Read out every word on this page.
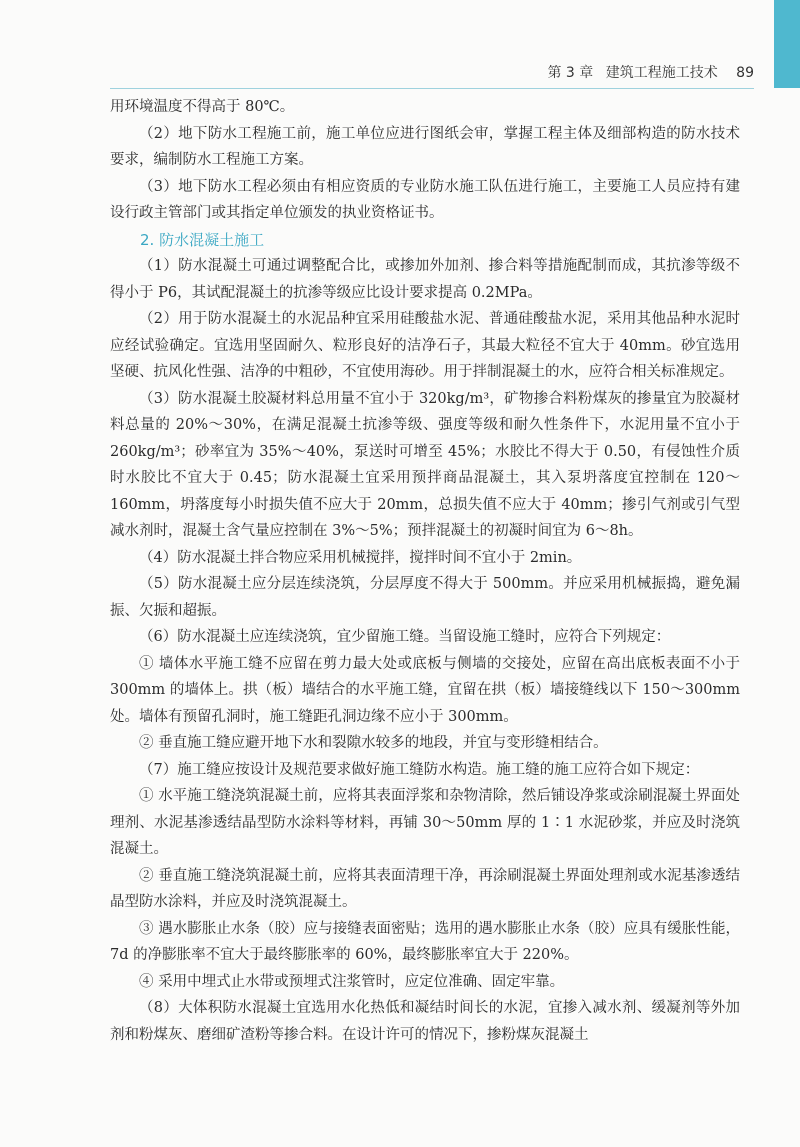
第 3 章 建筑工程施工技术 89

用环境温度不得高于 80℃。

（2）地下防水工程施工前，施工单位应进行图纸会审，掌握工程主体及细部构造的防水技术要求，编制防水工程施工方案。

（3）地下防水工程必须由有相应资质的专业防水施工队伍进行施工，主要施工人员应持有建设行政主管部门或其指定单位颁发的执业资格证书。

2. 防水混凝土施工

（1）防水混凝土可通过调整配合比，或掺加外加剂、掺合料等措施配制而成，其抗渗等级不得小于 P6，其试配混凝土的抗渗等级应比设计要求提高 0.2MPa。

（2）用于防水混凝土的水泥品种宜采用硅酸盐水泥、普通硅酸盐水泥，采用其他品种水泥时应经试验确定。宜选用坚固耐久、粒形良好的洁净石子，其最大粒径不宜大于 40mm。砂宜选用坚硬、抗风化性强、洁净的中粗砂，不宜使用海砂。用于拌制混凝土的水，应符合相关标准规定。

（3）防水混凝土胶凝材料总用量不宜小于 320kg/m³，矿物掺合料粉煤灰的掺量宜为胶凝材料总量的 20%～30%，在满足混凝土抗渗等级、强度等级和耐久性条件下，水泥用量不宜小于 260kg/m³；砂率宜为 35%～40%，泵送时可增至 45%；水胶比不得大于 0.50，有侵蚀性介质时水胶比不宜大于 0.45；防水混凝土宜采用预拌商品混凝土，其入泵坍落度宜控制在 120～160mm，坍落度每小时损失值不应大于 20mm，总损失值不应大于 40mm；掺引气剂或引气型减水剂时，混凝土含气量应控制在 3%～5%；预拌混凝土的初凝时间宜为 6～8h。

（4）防水混凝土拌合物应采用机械搅拌，搅拌时间不宜小于 2min。

（5）防水混凝土应分层连续浇筑，分层厚度不得大于 500mm。并应采用机械振捣，避免漏振、欠振和超振。

（6）防水混凝土应连续浇筑，宜少留施工缝。当留设施工缝时，应符合下列规定：

① 墙体水平施工缝不应留在剪力最大处或底板与侧墙的交接处，应留在高出底板表面不小于 300mm 的墙体上。拱（板）墙结合的水平施工缝，宜留在拱（板）墙接缝线以下 150～300mm 处。墙体有预留孔洞时，施工缝距孔洞边缘不应小于 300mm。

② 垂直施工缝应避开地下水和裂隙水较多的地段，并宜与变形缝相结合。

（7）施工缝应按设计及规范要求做好施工缝防水构造。施工缝的施工应符合如下规定：

① 水平施工缝浇筑混凝土前，应将其表面浮浆和杂物清除，然后铺设净浆或涂刷混凝土界面处理剂、水泥基渗透结晶型防水涂料等材料，再铺 30～50mm 厚的 1∶1 水泥砂浆，并应及时浇筑混凝土。

② 垂直施工缝浇筑混凝土前，应将其表面清理干净，再涂刷混凝土界面处理剂或水泥基渗透结晶型防水涂料，并应及时浇筑混凝土。

③ 遇水膨胀止水条（胶）应与接缝表面密贴；选用的遇水膨胀止水条（胶）应具有缓胀性能，7d 的净膨胀率不宜大于最终膨胀率的 60%，最终膨胀率宜大于 220%。

④ 采用中埋式止水带或预埋式注浆管时，应定位准确、固定牢靠。

（8）大体积防水混凝土宜选用水化热低和凝结时间长的水泥，宜掺入减水剂、缓凝剂等外加剂和粉煤灰、磨细矿渣粉等掺合料。在设计许可的情况下，掺粉煤灰混凝土
